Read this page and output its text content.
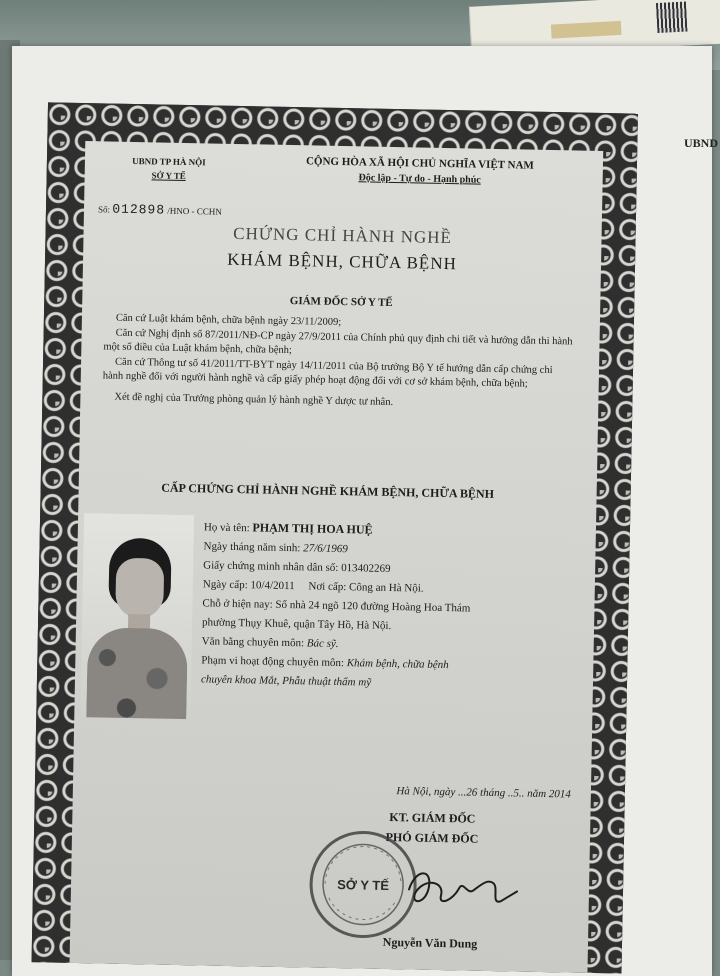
UBND
UBND TP HÀ NỘI
SỞ Y TẾ
CỘNG HÒA XÃ HỘI CHỦ NGHĨA VIỆT NAM
Độc lập - Tự do - Hạnh phúc
Số: 012898 /HNO - CCHN
CHỨNG CHỈ HÀNH NGHỀ
KHÁM BỆNH, CHỮA BỆNH
GIÁM ĐỐC SỞ Y TẾ

Căn cứ Luật khám bệnh, chữa bệnh ngày 23/11/2009;

Căn cứ Nghị định số 87/2011/NĐ-CP ngày 27/9/2011 của Chính phủ quy định chi tiết và hướng dẫn thi hành một số điều của Luật khám bệnh, chữa bệnh;

Căn cứ Thông tư số 41/2011/TT-BYT ngày 14/11/2011 của Bộ trưởng Bộ Y tế hướng dẫn cấp chứng chỉ hành nghề đối với người hành nghề và cấp giấy phép hoạt động đối với cơ sở khám bệnh, chữa bệnh;

Xét đề nghị của Trưởng phòng quản lý hành nghề Y dược tư nhân.

CẤP CHỨNG CHỈ HÀNH NGHỀ KHÁM BỆNH, CHỮA BỆNH
Họ và tên: PHẠM THỊ HOA HUỆ
Ngày tháng năm sinh: 27/6/1969
Giấy chứng minh nhân dân số: 013402269
Ngày cấp: 10/4/2011 Nơi cấp: Công an Hà Nội.
Chỗ ở hiện nay: Số nhà 24 ngõ 120 đường Hoàng Hoa Thám
phường Thụy Khuê, quận Tây Hồ, Hà Nội.
Văn bằng chuyên môn: Bác sỹ.
Phạm vi hoạt động chuyên môn: Khám bệnh, chữa bệnh
chuyên khoa Mắt, Phẫu thuật thẩm mỹ
Hà Nội, ngày ...26 tháng ..5.. năm 2014
KT. GIÁM ĐỐC
PHÓ GIÁM ĐỐC
SỞ Y TẾ
Nguyễn Văn Dung
